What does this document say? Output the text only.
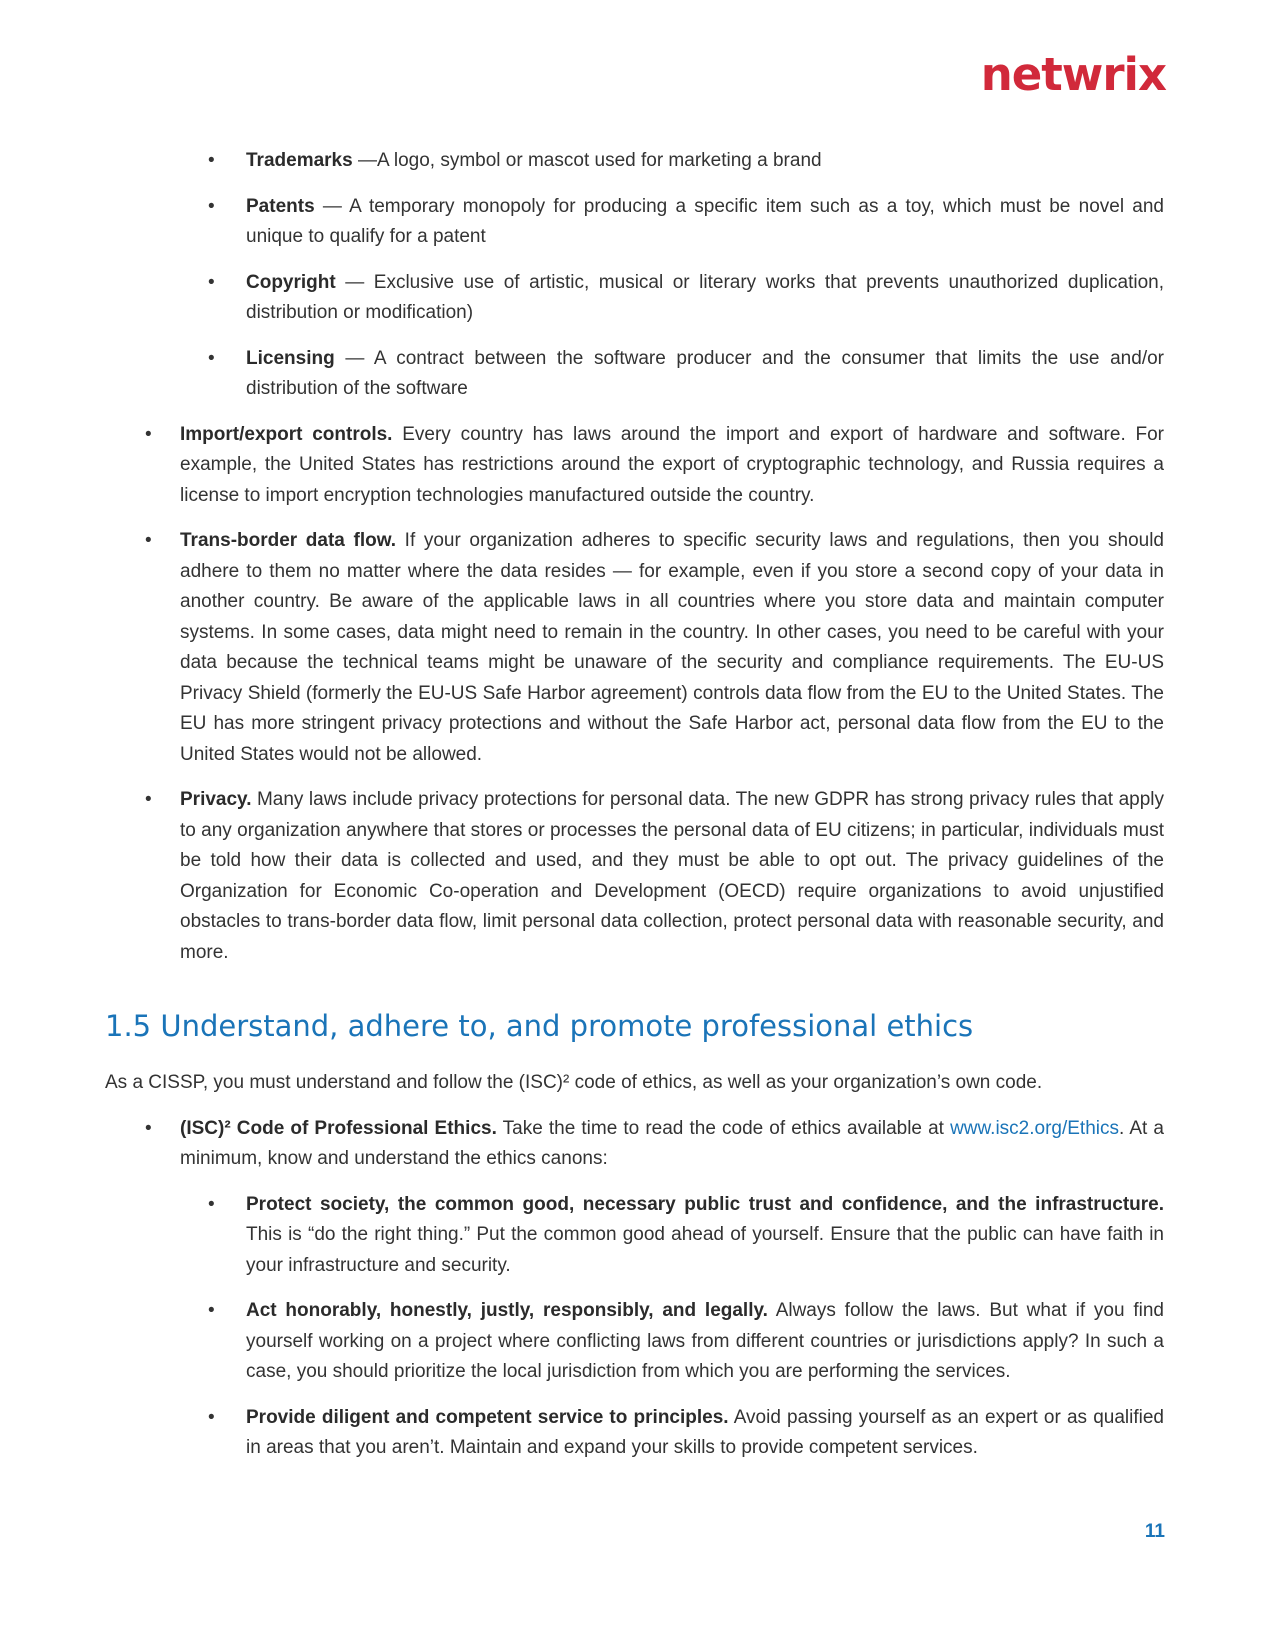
netwrix
• Trademarks —A logo, symbol or mascot used for marketing a brand
• Patents — A temporary monopoly for producing a specific item such as a toy, which must be novel and unique to qualify for a patent
• Copyright — Exclusive use of artistic, musical or literary works that prevents unauthorized duplication, distribution or modification)
• Licensing — A contract between the software producer and the consumer that limits the use and/or distribution of the software
• Import/export controls. Every country has laws around the import and export of hardware and software. For example, the United States has restrictions around the export of cryptographic technology, and Russia requires a license to import encryption technologies manufactured outside the country.
• Trans-border data flow. If your organization adheres to specific security laws and regulations, then you should adhere to them no matter where the data resides — for example, even if you store a second copy of your data in another country. Be aware of the applicable laws in all countries where you store data and maintain computer systems. In some cases, data might need to remain in the country. In other cases, you need to be careful with your data because the technical teams might be unaware of the security and compliance requirements. The EU-US Privacy Shield (formerly the EU-US Safe Harbor agreement) controls data flow from the EU to the United States. The EU has more stringent privacy protections and without the Safe Harbor act, personal data flow from the EU to the United States would not be allowed.
• Privacy. Many laws include privacy protections for personal data. The new GDPR has strong privacy rules that apply to any organization anywhere that stores or processes the personal data of EU citizens; in particular, individuals must be told how their data is collected and used, and they must be able to opt out. The privacy guidelines of the Organization for Economic Co-operation and Development (OECD) require organizations to avoid unjustified obstacles to trans-border data flow, limit personal data collection, protect personal data with reasonable security, and more.
1.5 Understand, adhere to, and promote professional ethics

As a CISSP, you must understand and follow the (ISC)² code of ethics, as well as your organization’s own code.

• (ISC)² Code of Professional Ethics. Take the time to read the code of ethics available at www.isc2.org/Ethics. At a minimum, know and understand the ethics canons:
• Protect society, the common good, necessary public trust and confidence, and the infrastructure. This is “do the right thing.” Put the common good ahead of yourself. Ensure that the public can have faith in your infrastructure and security.
• Act honorably, honestly, justly, responsibly, and legally. Always follow the laws. But what if you find yourself working on a project where conflicting laws from different countries or jurisdictions apply? In such a case, you should prioritize the local jurisdiction from which you are performing the services.
• Provide diligent and competent service to principles. Avoid passing yourself as an expert or as qualified in areas that you aren’t. Maintain and expand your skills to provide competent services.
11
